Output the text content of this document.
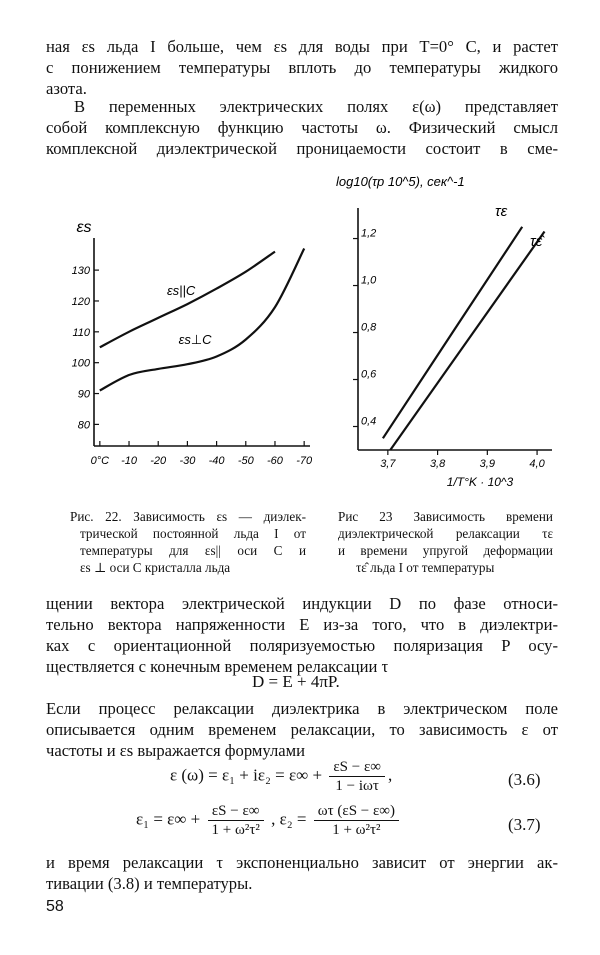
ная εs льда I больше, чем εs для воды при T=0° C, и растет
с понижением температуры вплоть до температуры жидкого
азота.
В переменных электрических полях ε(ω) представляет
собой комплексную функцию частоты ω. Физический смысл
комплексной диэлектрической проницаемости состоит в сме-
80
90
100
110
120
130
0°C -10 -20 -30 -40 -50 -60 -70
εs
εs||C
εs⊥C
0,4
0,6
0,8
1,0
1,2
3,7	3,8	3,9	4,0
log10(τp 10^5), сек^-1
1/T°K · 10^3
τε
τε̂
Рис. 22. Зависимость εs — диэлек-
трической постоянной льда I от
температуры для εs|| оси C и
εs ⊥ оси C кристалла льда
Рис 23 Зависимость времени
диэлектрической релаксации τε
и времени упругой деформации
τε̂ льда I от температуры
щении вектора электрической индукции D по фазе относи-
тельно вектора напряженности E из-за того, что в диэлектри-
ках с ориентационной поляризуемостью поляризация P осу-
ществляется с конечным временем релаксации τ
D = E + 4πP.
Если процесс релаксации диэлектрика в электрическом поле
описывается одним временем релаксации, то зависимость ε от
частоты и εs выражается формулами
ε $(\omega) = \varepsilon_1 + i\varepsilon_2 = \varepsilon\infty + \frac{\varepsilon S - \varepsilon\infty}{\text{1 − iωτ}}$ ,	(3.6)
$\varepsilon_1 = \varepsilon\infty + \frac{\varepsilon S - \varepsilon\infty}{\text{1 + ω²τ²}}$ , $\varepsilon_2 = \frac{\omega\tau (\varepsilon S - \varepsilon\infty)}{\text{1 + ω²τ²}}$	(3.7)
и время релаксации τ экспоненциально зависит от энергии ак-
тивации (3.8) и температуры.
58
